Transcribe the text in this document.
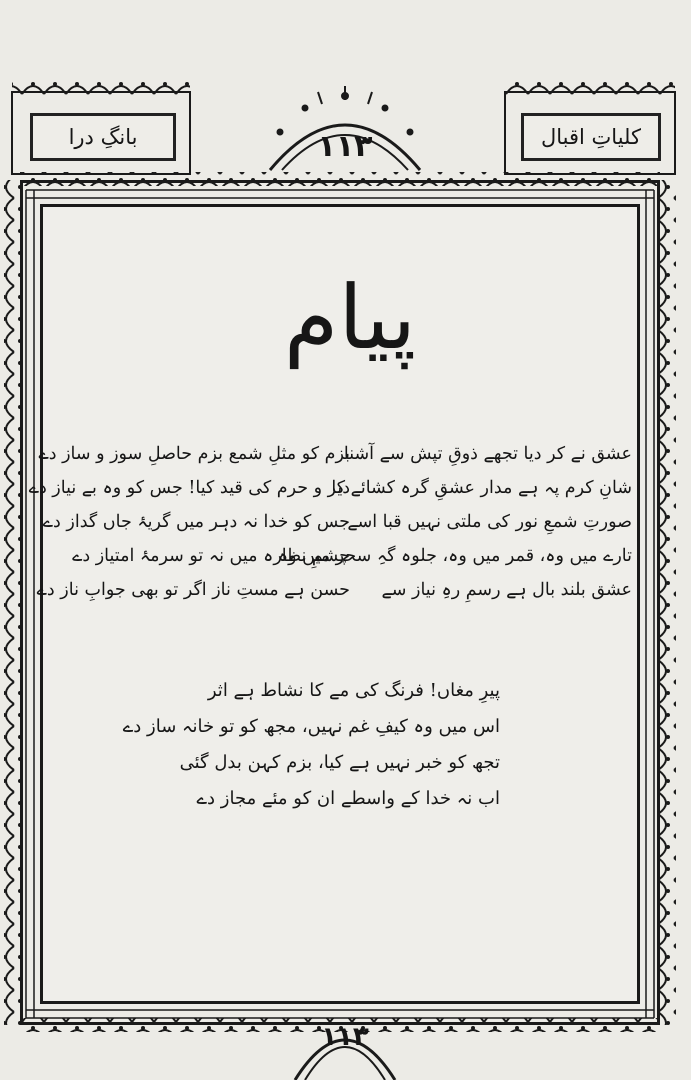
بانگِ درا	کلیاتِ اقبال
۱۱۳
پیام
عشق نے کر دیا تجھے ذوقِ تپش سے آشنا
شانِ کرم پہ ہے مدار عشقِ گرہ کشائے کا
صورتِ شمعِ نور کی ملتی نہیں قبا اسے
تارے میں وہ، قمر میں وہ، جلوہ گہِ سحر میں وہ
عشق بلند بال ہے رسمِ رہِ نیاز سے
بزم کو مثلِ شمع بزم حاصلِ سوز و ساز دے
دیر و حرم کی قید کیا! جس کو وہ بے نیاز دے
جس کو خدا نہ دہر میں گریۂ جاں گداز دے
چشمِ نظارہ میں نہ تو سرمۂ امتیاز دے
حسن ہے مستِ ناز اگر تو بھی جوابِ ناز دے
پیرِ مغاں! فرنگ کی مے کا نشاط ہے اثر
اس میں وہ کیفِ غم نہیں، مجھ کو تو خانہ ساز دے
تجھ کو خبر نہیں ہے کیا، بزم کہن بدل گئی
اب نہ خدا کے واسطے ان کو مئے مجاز دے
۱۱۳
